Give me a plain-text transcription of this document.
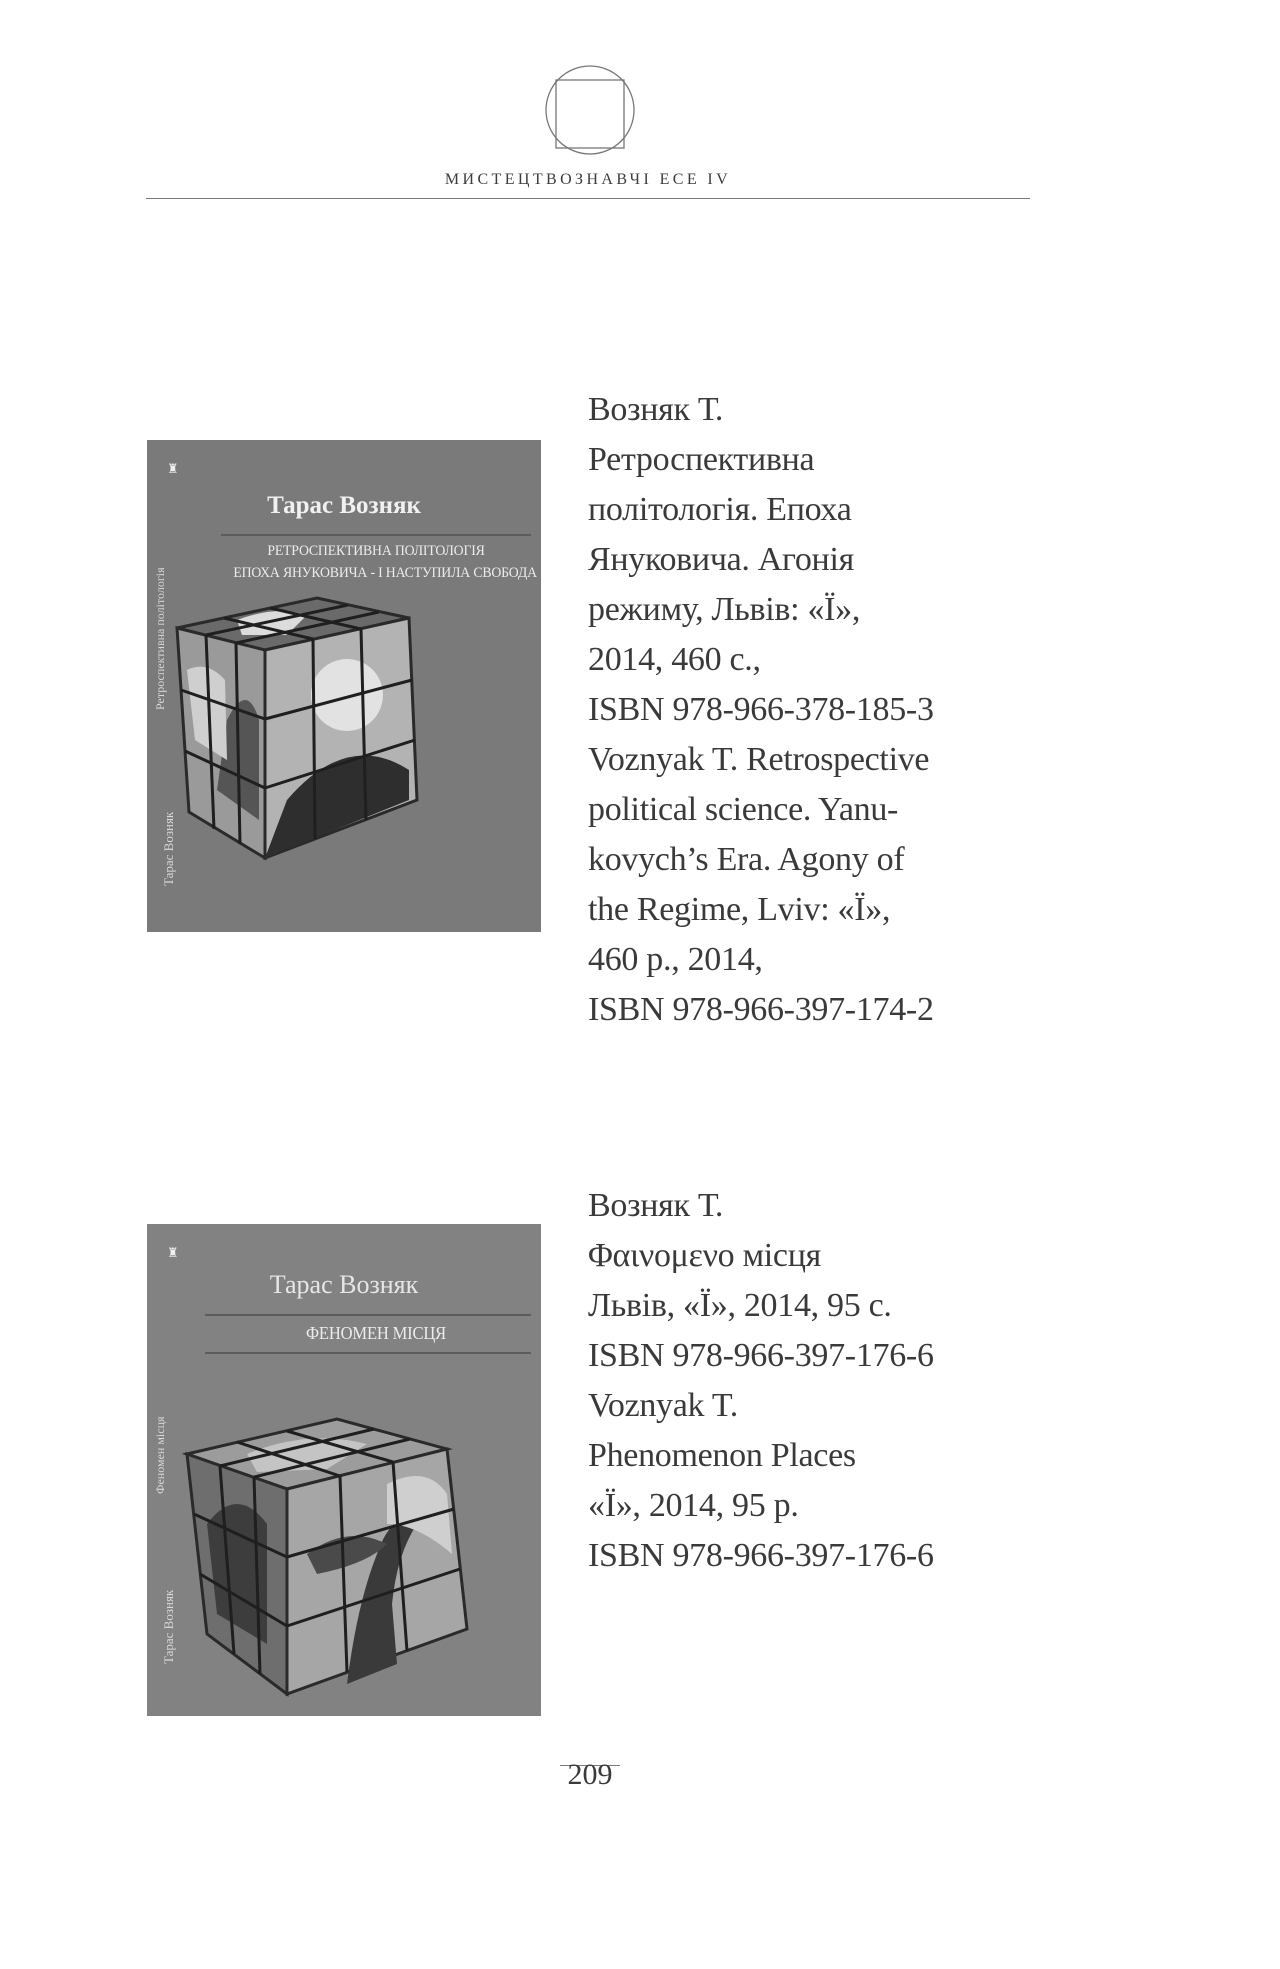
МИСТЕЦТВОЗНАВЧІ ЕСЕ IV
♜
Ретроспективна політологія
Тарас Возняк
Тарас Возняк
РЕТРОСПЕКТИВНА ПОЛІТОЛОГІЯ
ЕПОХА ЯНУКОВИЧА - І НАСТУПИЛА СВОБОДА
Возняк Т.
Ретроспективна
політологія. Епоха
Януковича. Агонія
режиму, Львів: «Ї»,
2014, 460 с.,
ISBN 978-966-378-185-3
Voznyak T. Retrospective
political science. Yanu-
kovych’s Era. Agony of
the Regime, Lviv: «Ї»,
460 p., 2014,
ISBN 978-966-397-174-2
♜
Феномен місця
Тарас Возняк
Тарас Возняк
ФЕНОМЕН МІСЦЯ
Возняк Т.
Φαινομενο місця
Львів, «Ї», 2014, 95 с.
ISBN 978-966-397-176-6
Voznyak T.
Phenomenon Places
«Ї», 2014, 95 p.
ISBN 978-966-397-176-6
209
